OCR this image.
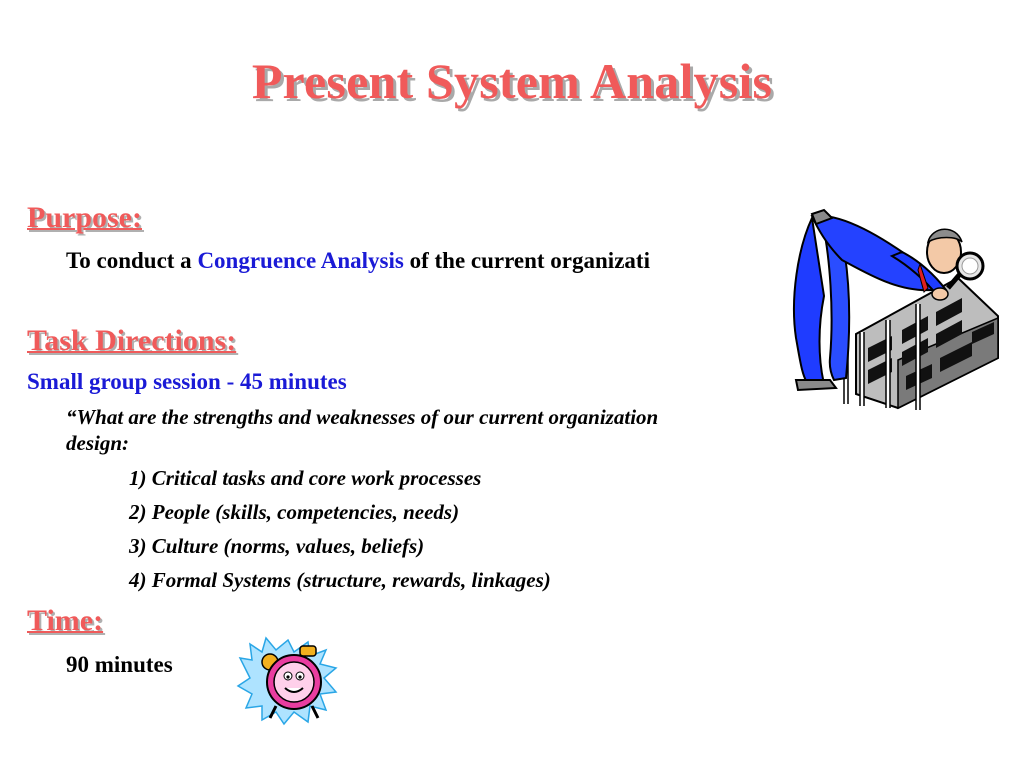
Present System Analysis
Purpose:
To conduct a Congruence Analysis of the current organizati
Task Directions:
Small group session - 45 minutes
“What are the strengths and weaknesses of our current organization
design:
1) Critical tasks and core work processes
2) People (skills, competencies, needs)
3) Culture (norms, values, beliefs)
4) Formal Systems (structure, rewards, linkages)
Time:
90 minutes
